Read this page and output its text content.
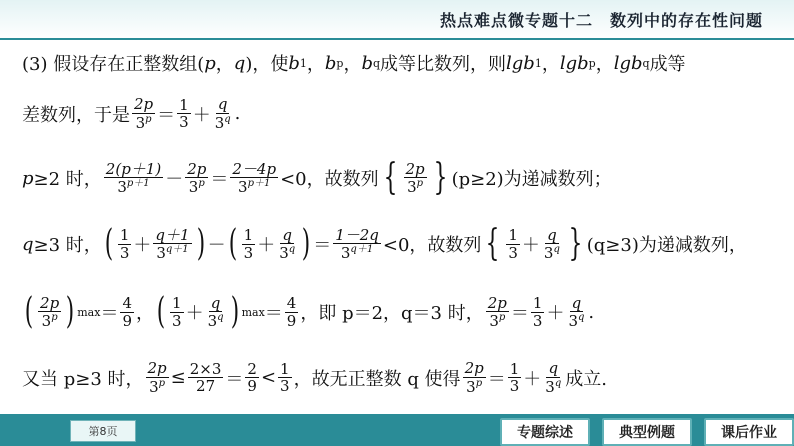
热点难点微专题十二　数列中的存在性问题
(3) 假设存在正整数组( p ， q )，使 b 1 ， b p ， b q 成等比数列，则 lgb 1 ， lgb p ， lgb q 成等
差数列，于是 $\frac{2p}{3^p} = \frac{1}{3} + \frac{q}{3^q}$ .
p ≥2 时， $\frac{2(p+1)}{3^{p+1}} - \frac{2p}{3^p} = \frac{2-4p}{3^{p+1}} <0$，故数列 { $\frac{2p}{3^p}$ } (p≥2)为递减数列；
q ≥3 时， ( $\frac{1}{3} + \frac{q+1}{3^{q+1}}$ ) － ( $\frac{1}{3} + \frac{q}{3^q}$ ) ＝ $\frac{1-2q}{3^{q+1}} <0$，故数列 { $\frac{1}{3} + \frac{q}{3^q}$ } (q≥3)为递减数列，
( $\frac{2p}{3^p}$ ) $\max = \frac{4}{9}$ ， ( $\frac{1}{3} + \frac{q}{3^q}$ ) $\max = \frac{4}{9}$ ，即 p＝2，q＝3 时， $\frac{2p}{3^p} = \frac{1}{3} + \frac{q}{3^q}$ .
又当 p≥3 时， $\frac{2p}{3^p} \le \frac{2\times 3}{27} = \frac{2}{9} < \frac{1}{3}$ ，故无正整数 q 使得 $\frac{2p}{3^p} = \frac{1}{3} + \frac{q}{3^q}$ 成立.
第8页	专题综述	典型例题	课后作业
